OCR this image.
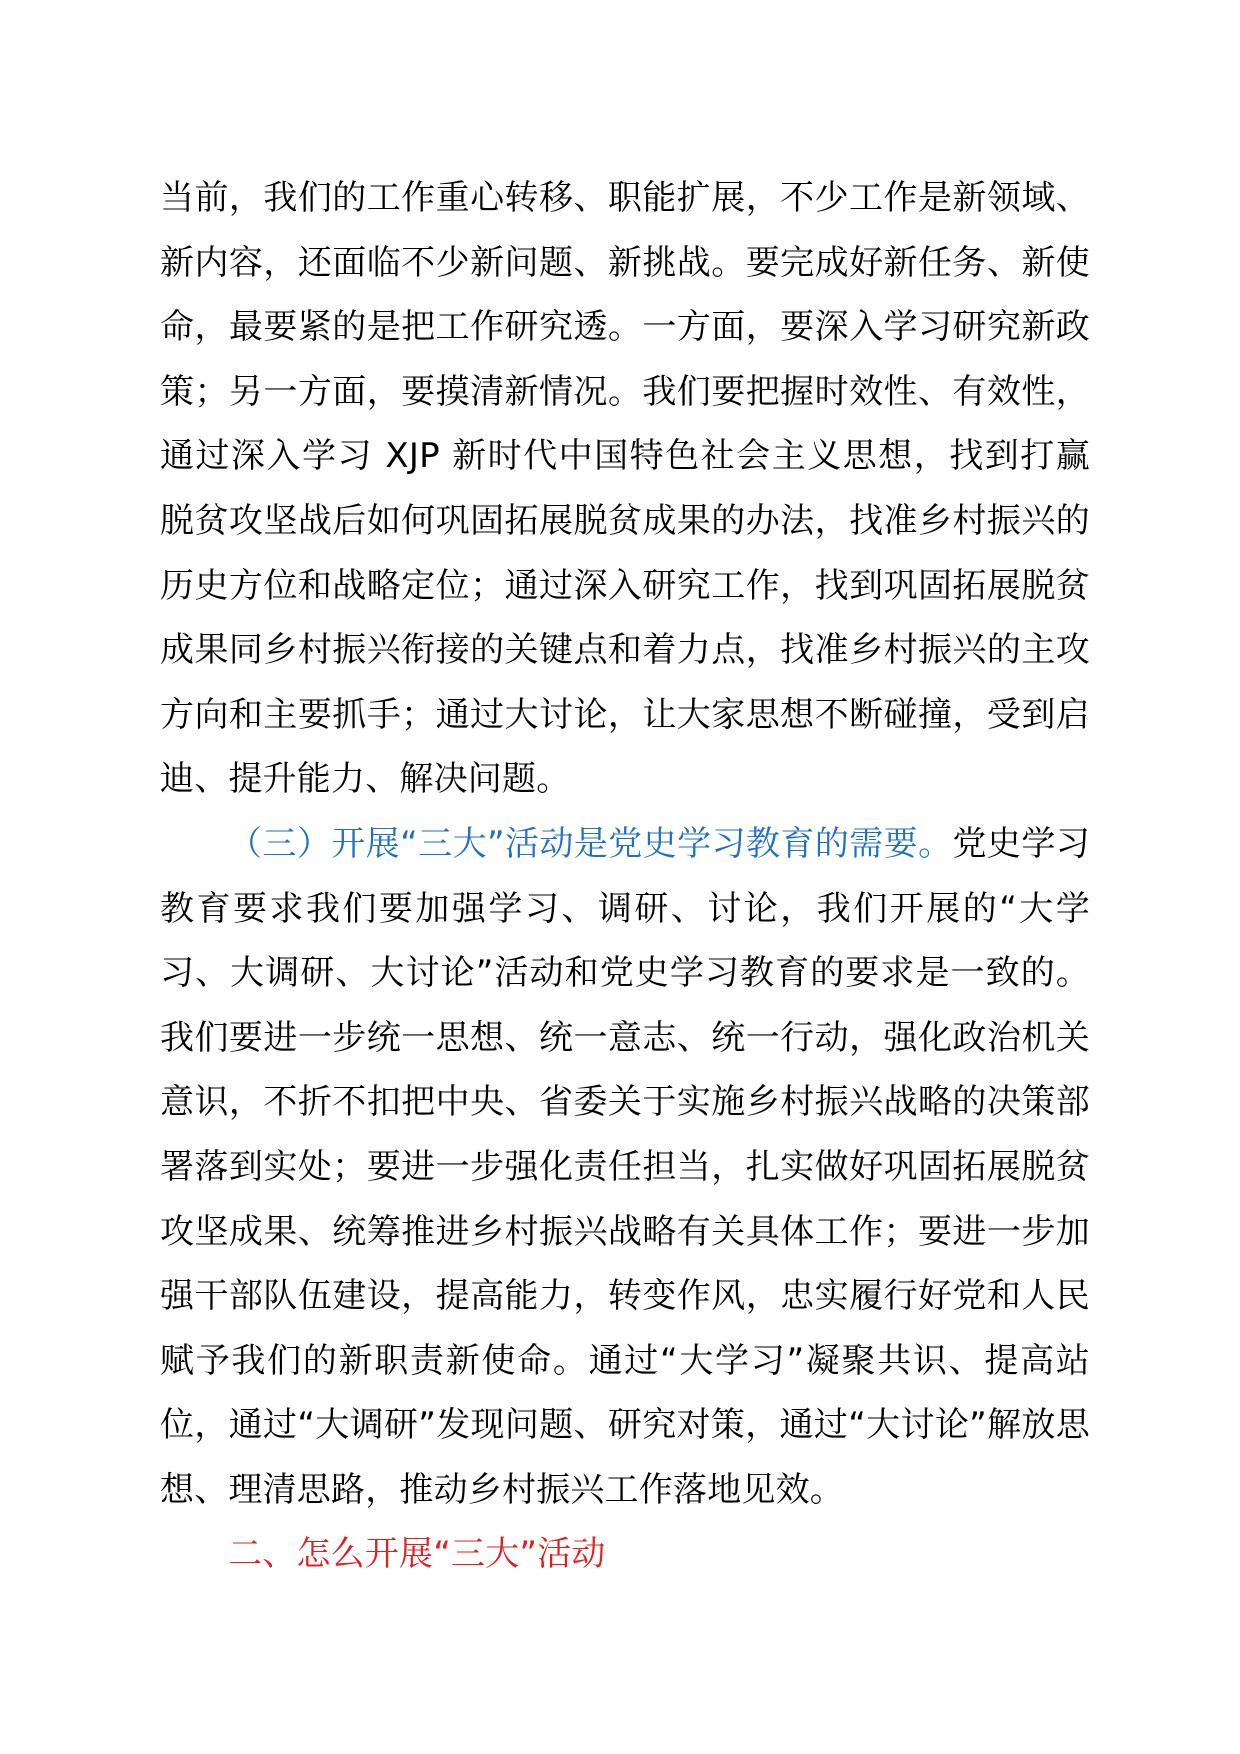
当前，我们的工作重心转移、职能扩展，不少工作是新领域、新内容，还面临不少新问题、新挑战。要完成好新任务、新使命，最要紧的是把工作研究透。一方面，要深入学习研究新政策；另一方面，要摸清新情况。我们要把握时效性、有效性，通过深入学习 XJP 新时代中国特色社会主义思想，找到打赢脱贫攻坚战后如何巩固拓展脱贫成果的办法，找准乡村振兴的历史方位和战略定位；通过深入研究工作，找到巩固拓展脱贫成果同乡村振兴衔接的关键点和着力点，找准乡村振兴的主攻方向和主要抓手；通过大讨论，让大家思想不断碰撞，受到启迪、提升能力、解决问题。

（三）开展“三大”活动是党史学习教育的需要。党史学习教育要求我们要加强学习、调研、讨论，我们开展的“大学习、大调研、大讨论”活动和党史学习教育的要求是一致的。我们要进一步统一思想、统一意志、统一行动，强化政治机关意识，不折不扣把中央、省委关于实施乡村振兴战略的决策部署落到实处；要进一步强化责任担当，扎实做好巩固拓展脱贫攻坚成果、统筹推进乡村振兴战略有关具体工作；要进一步加强干部队伍建设，提高能力，转变作风，忠实履行好党和人民赋予我们的新职责新使命。通过“大学习”凝聚共识、提高站位，通过“大调研”发现问题、研究对策，通过“大讨论”解放思想、理清思路，推动乡村振兴工作落地见效。

二、怎么开展“三大”活动
